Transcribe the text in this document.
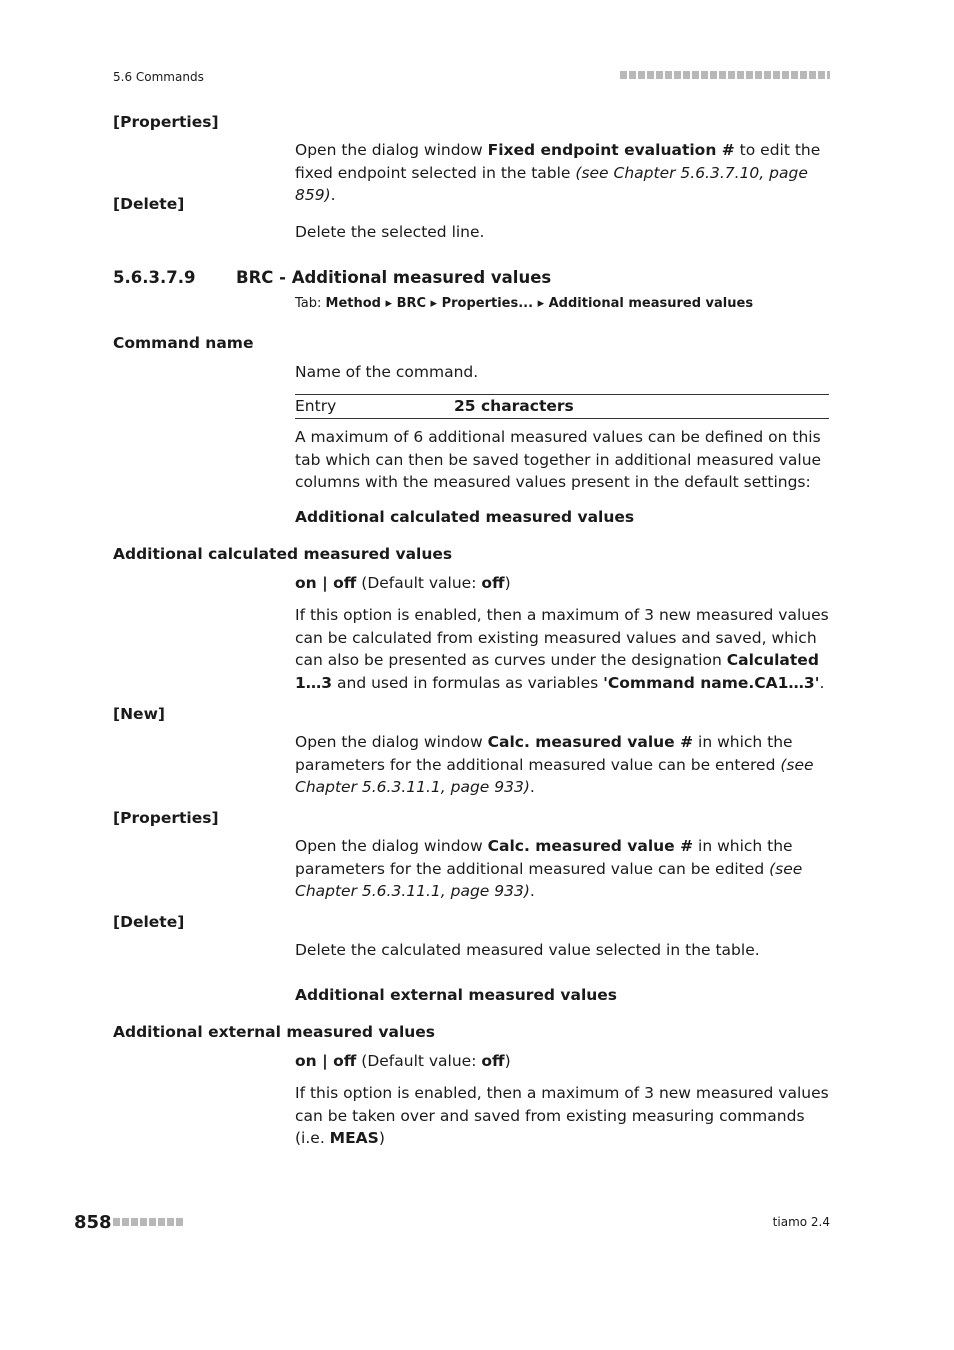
5.6 Commands
[Properties]
Open the dialog window Fixed endpoint evaluation # to edit the fixed endpoint selected in the table (see Chapter 5.6.3.7.10, page 859).
[Delete]
Delete the selected line.
5.6.3.7.9 BRC - Additional measured values
Tab: Method ▸ BRC ▸ Properties... ▸ Additional measured values
Command name
Name of the command.
Entry	25 characters
A maximum of 6 additional measured values can be defined on this tab which can then be saved together in additional measured value columns with the measured values present in the default settings:
Additional calculated measured values
Additional calculated measured values
on | off (Default value: off)
If this option is enabled, then a maximum of 3 new measured values can be calculated from existing measured values and saved, which can also be presented as curves under the designation Calculated 1…3 and used in formulas as variables 'Command name.CA1…3'.
[New]
Open the dialog window Calc. measured value # in which the parameters for the additional measured value can be entered (see Chapter 5.6.3.11.1, page 933).
[Properties]
Open the dialog window Calc. measured value # in which the parameters for the additional measured value can be edited (see Chapter 5.6.3.11.1, page 933).
[Delete]
Delete the calculated measured value selected in the table.
Additional external measured values
Additional external measured values
on | off (Default value: off)
If this option is enabled, then a maximum of 3 new measured values can be taken over and saved from existing measuring commands (i.e. MEAS)
858	tiamo 2.4
